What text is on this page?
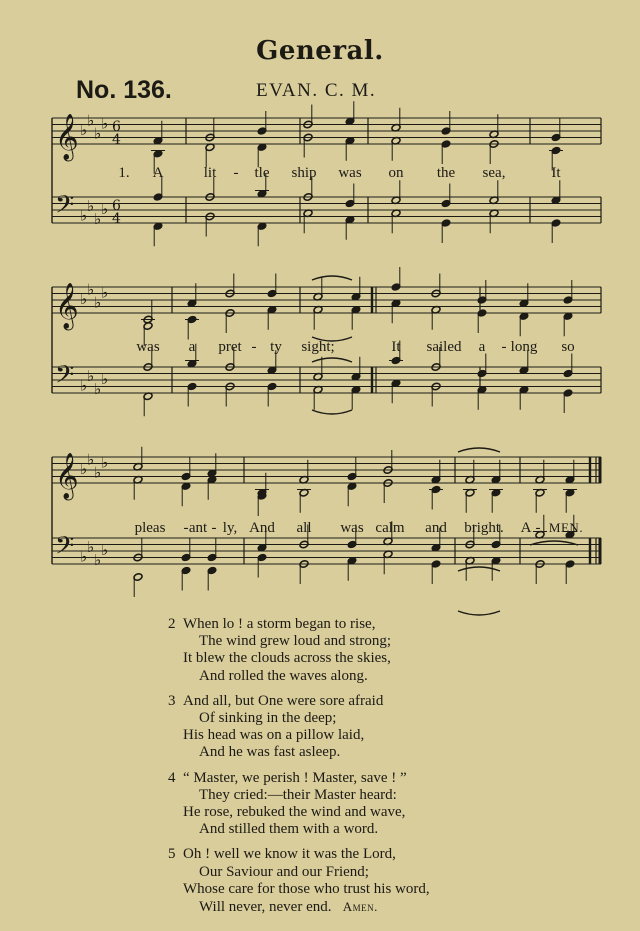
General.
No. 136.	EVAN. C. M.
𝄞
𝄢
♭
♭
♭
♭
♭
♭
♭
♭
6
4
6
4
𝄞
𝄢
♭
♭
♭
♭
♭
♭
♭
♭
𝄞
𝄢
♭
♭
♭
♭
♭
♭
♭
♭
1. A	lit - tle ship was on the sea,	It
was a pret - ty sight;	It sailed a - long so
pleas - ant - ly, And all was calm and bright. A - MEN.
2 When lo ! a storm began to rise,
The wind grew loud and strong;
It blew the clouds across the skies,
And rolled the waves along.
3 And all, but One were sore afraid
Of sinking in the deep;
His head was on a pillow laid,
And he was fast asleep.
4 “ Master, we perish ! Master, save ! ”
They cried:—their Master heard:
He rose, rebuked the wind and wave,
And stilled them with a word.
5 Oh ! well we know it was the Lord,
Our Saviour and our Friend;
Whose care for those who trust his word,
Will never, never end. Amen.
